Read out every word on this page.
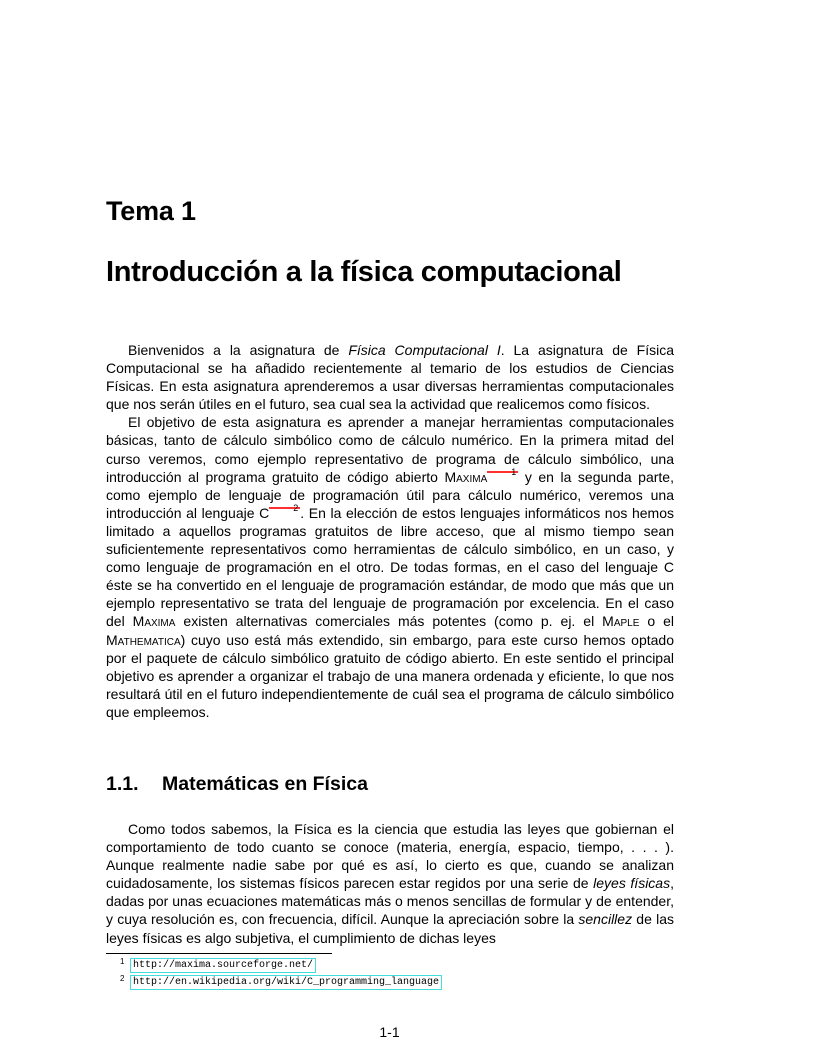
Tema 1
Introducción a la física computacional

Bienvenidos a la asignatura de Física Computacional I. La asignatura de Física Computacional se ha añadido recientemente al temario de los estudios de Ciencias Físicas. En esta asignatura aprenderemos a usar diversas herramientas computacionales que nos serán útiles en el futuro, sea cual sea la actividad que realicemos como físicos.

El objetivo de esta asignatura es aprender a manejar herramientas computacionales básicas, tanto de cálculo simbólico como de cálculo numérico. En la primera mitad del curso veremos, como ejemplo representativo de programa de cálculo simbólico, una introducción al programa gratuito de código abierto Maxima	1 y en la segunda parte, como ejemplo de lenguaje de programación útil para cálculo numérico, veremos una introducción al lenguaje C	2 . En la elección de estos lenguajes informáticos nos hemos limitado a aquellos programas gratuitos de libre acceso, que al mismo tiempo sean suficientemente representativos como herramientas de cálculo simbólico, en un caso, y como lenguaje de programación en el otro. De todas formas, en el caso del lenguaje C éste se ha convertido en el lenguaje de programación estándar, de modo que más que un ejemplo representativo se trata del lenguaje de programación por excelencia. En el caso del Maxima existen alternativas comerciales más potentes (como p. ej. el Maple o el Mathematica) cuyo uso está más extendido, sin embargo, para este curso hemos optado por el paquete de cálculo simbólico gratuito de código abierto. En este sentido el principal objetivo es aprender a organizar el trabajo de una manera ordenada y eficiente, lo que nos resultará útil en el futuro independientemente de cuál sea el programa de cálculo simbólico que empleemos.

1.1. Matemáticas en Física

Como todos sabemos, la Física es la ciencia que estudia las leyes que gobiernan el comportamiento de todo cuanto se conoce (materia, energía, espacio, tiempo, . . . ). Aunque realmente nadie sabe por qué es así, lo cierto es que, cuando se analizan cuidadosamente, los sistemas físicos parecen estar regidos por una serie de leyes físicas, dadas por unas ecuaciones matemáticas más o menos sencillas de formular y de entender, y cuya resolución es, con frecuencia, difícil. Aunque la apreciación sobre la sencillez de las leyes físicas es algo subjetiva, el cumplimiento de dichas leyes

1 http://maxima.sourceforge.net/
2 http://en.wikipedia.org/wiki/C_programming_language
1-1
